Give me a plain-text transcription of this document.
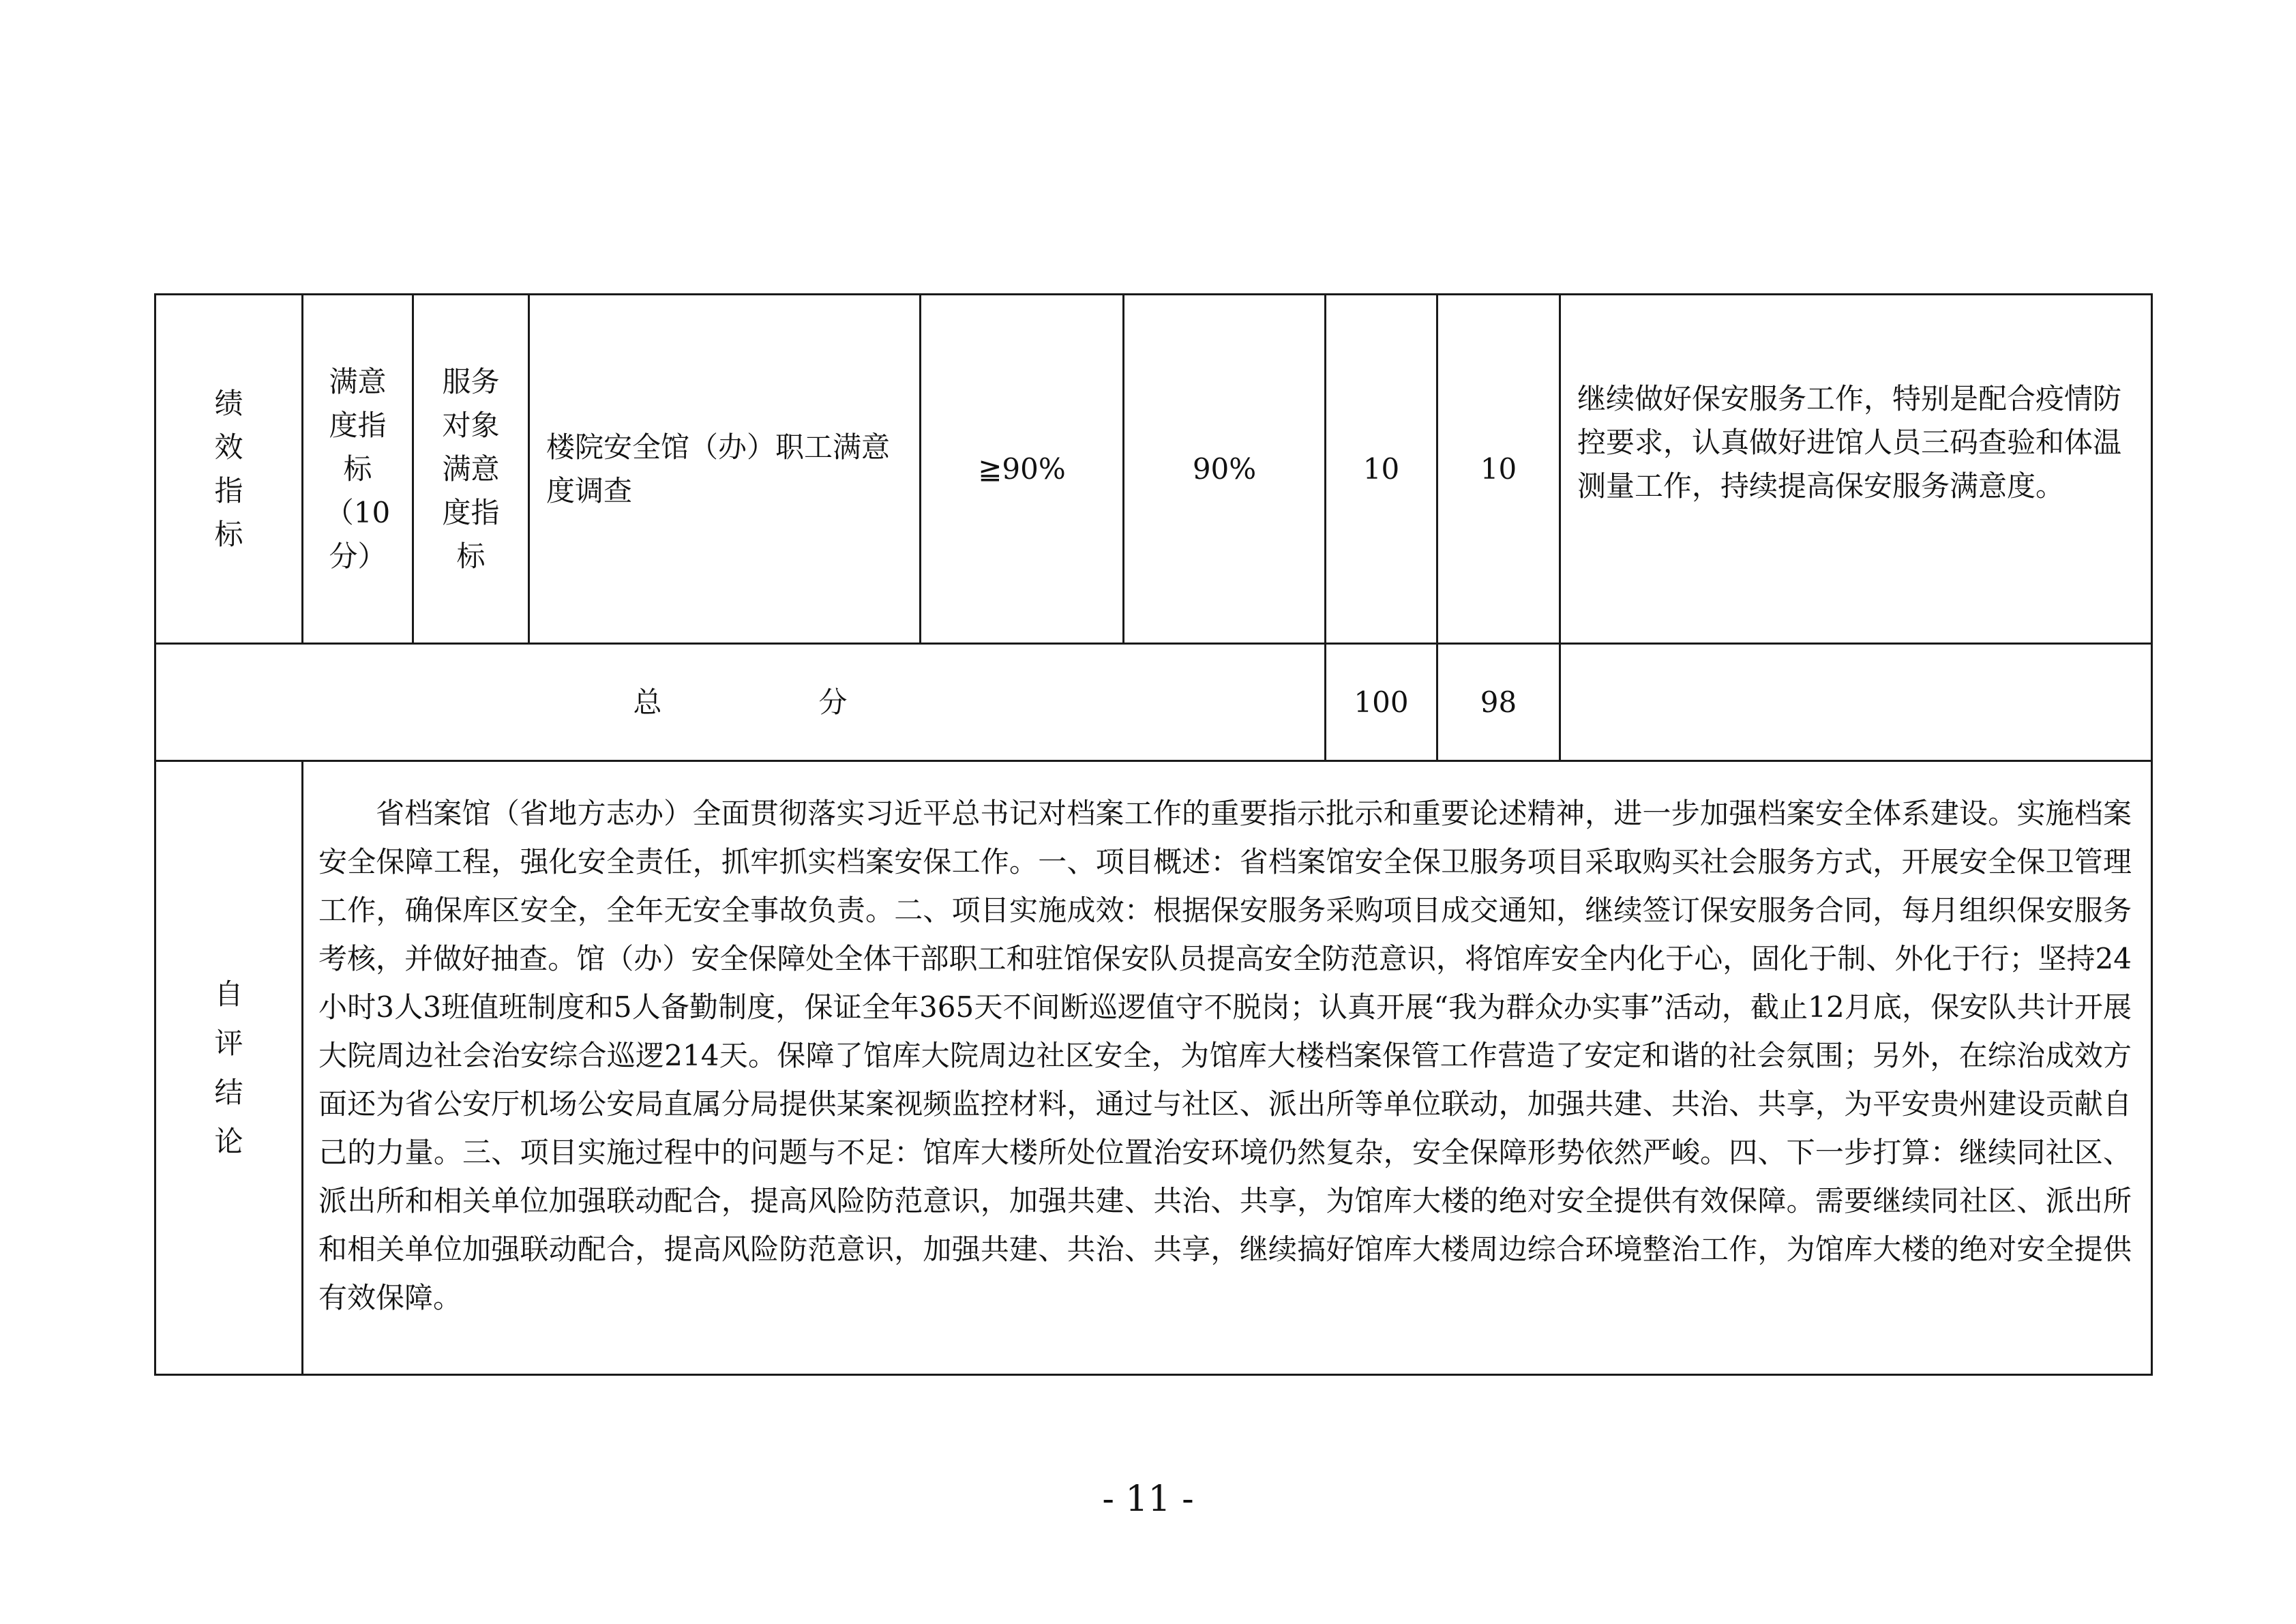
绩效指标	满意度指标（10分）	服务对象满意度指标	楼院安全馆（办）职工满意度调查	≧90%	90%	10	10	继续做好保安服务工作，特别是配合疫情防控要求，认真做好进馆人员三码查验和体温测量工作，持续提高保安服务满意度。
总 分						100	98	
自评结论	省档案馆（省地方志办）全面贯彻落实习近平总书记对档案工作的重要指示批示和重要论述精神，进一步加强档案安全体系建设。实施档案安全保障工程，强化安全责任，抓牢抓实档案安保工作。一、项目概述：省档案馆安全保卫服务项目采取购买社会服务方式，开展安全保卫管理工作，确保库区安全，全年无安全事故负责。二、项目实施成效：根据保安服务采购项目成交通知，继续签订保安服务合同，每月组织保安服务考核，并做好抽查。馆（办）安全保障处全体干部职工和驻馆保安队员提高安全防范意识，将馆库安全内化于心，固化于制、外化于行；坚持24小时3人3班值班制度和5人备勤制度，保证全年365天不间断巡逻值守不脱岗；认真开展“我为群众办实事”活动，截止12月底，保安队共计开展大院周边社会治安综合巡逻214天。保障了馆库大院周边社区安全，为馆库大楼档案保管工作营造了安定和谐的社会氛围；另外，在综治成效方面还为省公安厅机场公安局直属分局提供某案视频监控材料，通过与社区、派出所等单位联动，加强共建、共治、共享，为平安贵州建设贡献自己的力量。三、项目实施过程中的问题与不足：馆库大楼所处位置治安环境仍然复杂，安全保障形势依然严峻。四、下一步打算：继续同社区、派出所和相关单位加强联动配合，提高风险防范意识，加强共建、共治、共享，为馆库大楼的绝对安全提供有效保障。需要继续同社区、派出所和相关单位加强联动配合，提高风险防范意识，加强共建、共治、共享，继续搞好馆库大楼周边综合环境整治工作，为馆库大楼的绝对安全提供有效保障。							

- 11 -
